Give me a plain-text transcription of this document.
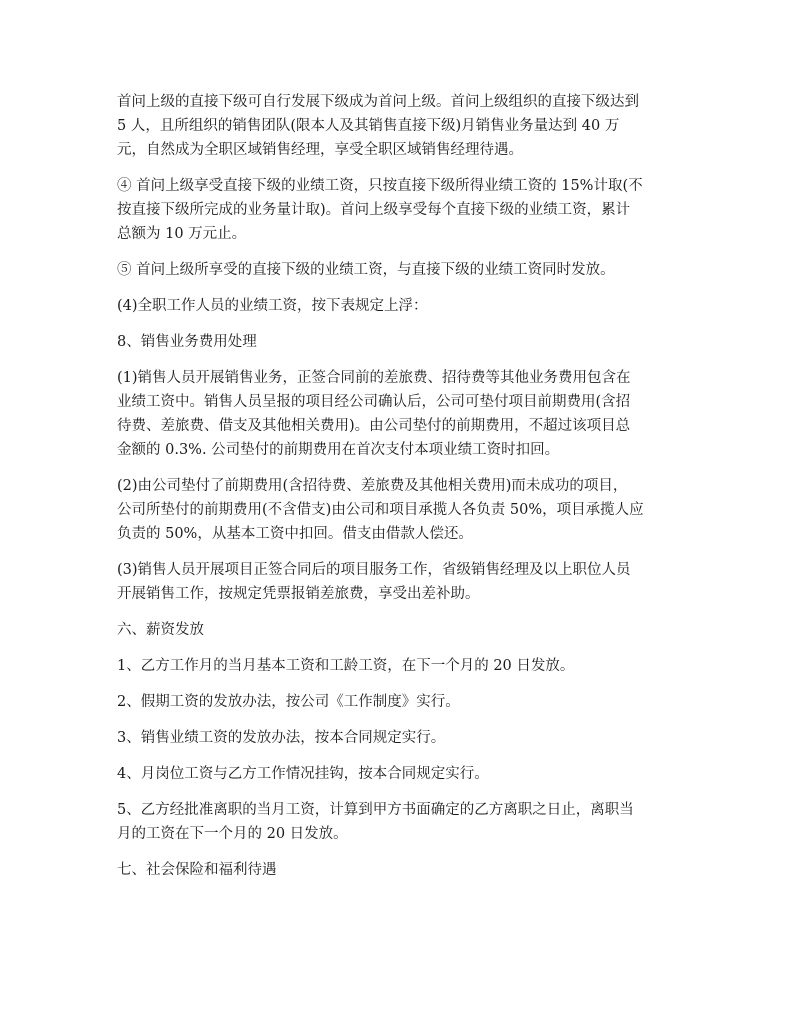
首问上级的直接下级可自行发展下级成为首问上级。首问上级组织的直接下级达到
5 人，且所组织的销售团队(限本人及其销售直接下级)月销售业务量达到 40 万
元，自然成为全职区域销售经理，享受全职区域销售经理待遇。

④ 首问上级享受直接下级的业绩工资，只按直接下级所得业绩工资的 15%计取(不
按直接下级所完成的业务量计取)。首问上级享受每个直接下级的业绩工资，累计
总额为 10 万元止。

⑤ 首问上级所享受的直接下级的业绩工资，与直接下级的业绩工资同时发放。

(4)全职工作人员的业绩工资，按下表规定上浮：

8、销售业务费用处理

(1)销售人员开展销售业务，正签合同前的差旅费、招待费等其他业务费用包含在
业绩工资中。销售人员呈报的项目经公司确认后，公司可垫付项目前期费用(含招
待费、差旅费、借支及其他相关费用)。由公司垫付的前期费用，不超过该项目总
金额的 0.3%. 公司垫付的前期费用在首次支付本项业绩工资时扣回。

(2)由公司垫付了前期费用(含招待费、差旅费及其他相关费用)而未成功的项目，
公司所垫付的前期费用(不含借支)由公司和项目承揽人各负责 50%，项目承揽人应
负责的 50%，从基本工资中扣回。借支由借款人偿还。

(3)销售人员开展项目正签合同后的项目服务工作，省级销售经理及以上职位人员
开展销售工作，按规定凭票报销差旅费，享受出差补助。

六、薪资发放

1、乙方工作月的当月基本工资和工龄工资，在下一个月的 20 日发放。

2、假期工资的发放办法，按公司《工作制度》实行。

3、销售业绩工资的发放办法，按本合同规定实行。

4、月岗位工资与乙方工作情况挂钩，按本合同规定实行。

5、乙方经批准离职的当月工资，计算到甲方书面确定的乙方离职之日止，离职当
月的工资在下一个月的 20 日发放。

七、社会保险和福利待遇
